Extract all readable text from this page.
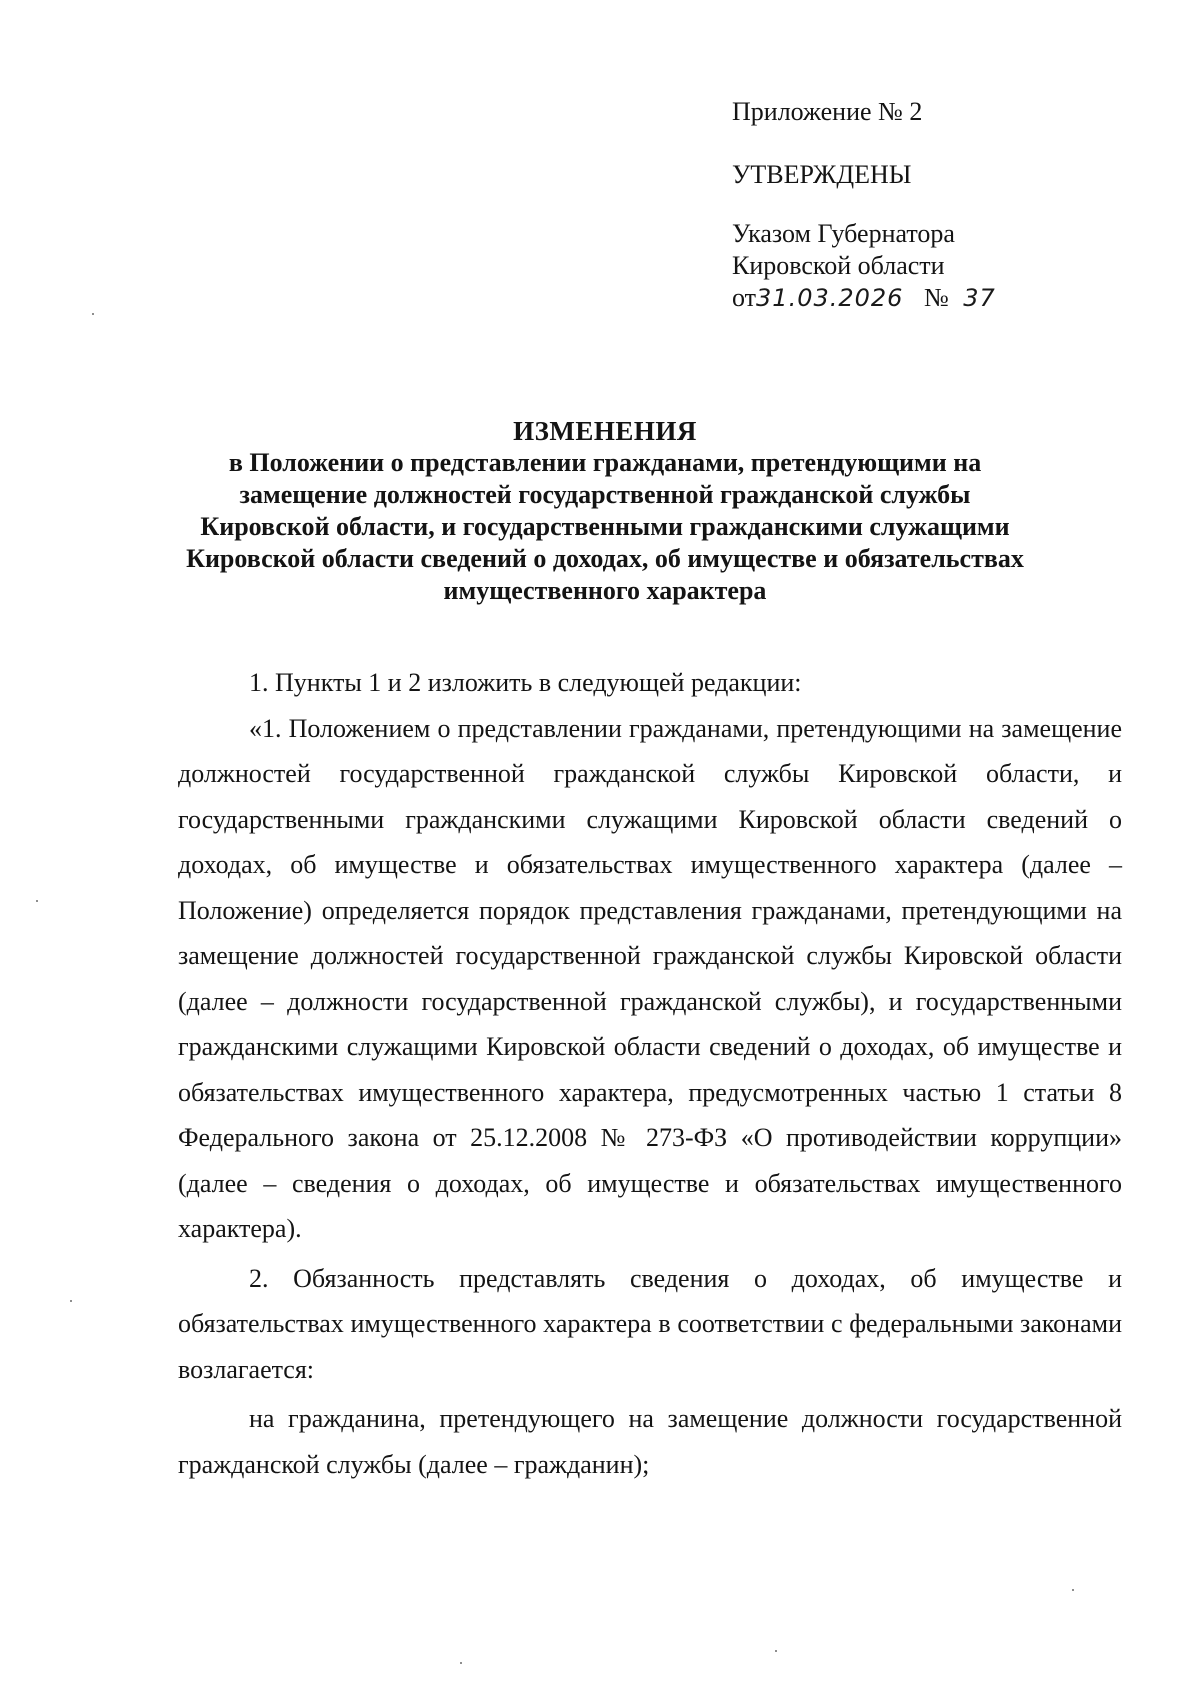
Приложение № 2
УТВЕРЖДЕНЫ
Указом Губернатора
Кировской области
от31.03.2026 № 37
ИЗМЕНЕНИЯ
в Положении о представлении гражданами, претендующими на замещение должностей государственной гражданской службы Кировской области, и государственными гражданскими служащими Кировской области сведений о доходах, об имуществе и обязательствах имущественного характера

1. Пункты 1 и 2 изложить в следующей редакции:

«1. Положением о представлении гражданами, претендующими на замещение должностей государственной гражданской службы Кировской области, и государственными гражданскими служащими Кировской области сведений о доходах, об имуществе и обязательствах имущественного характера (далее – Положение) определяется порядок представления гражданами, претендующими на замещение должностей государственной гражданской службы Кировской области (далее – должности государственной гражданской службы), и государственными гражданскими служащими Кировской области сведений о доходах, об имуществе и обязательствах имущественного характера, предусмотренных частью 1 статьи 8 Федерального закона от 25.12.2008 № 273-ФЗ «О противодействии коррупции» (далее – сведения о доходах, об имуществе и обязательствах имущественного характера).

2. Обязанность представлять сведения о доходах, об имуществе и обязательствах имущественного характера в соответствии с федеральными законами возлагается:

на гражданина, претендующего на замещение должности государственной гражданской службы (далее – гражданин);
